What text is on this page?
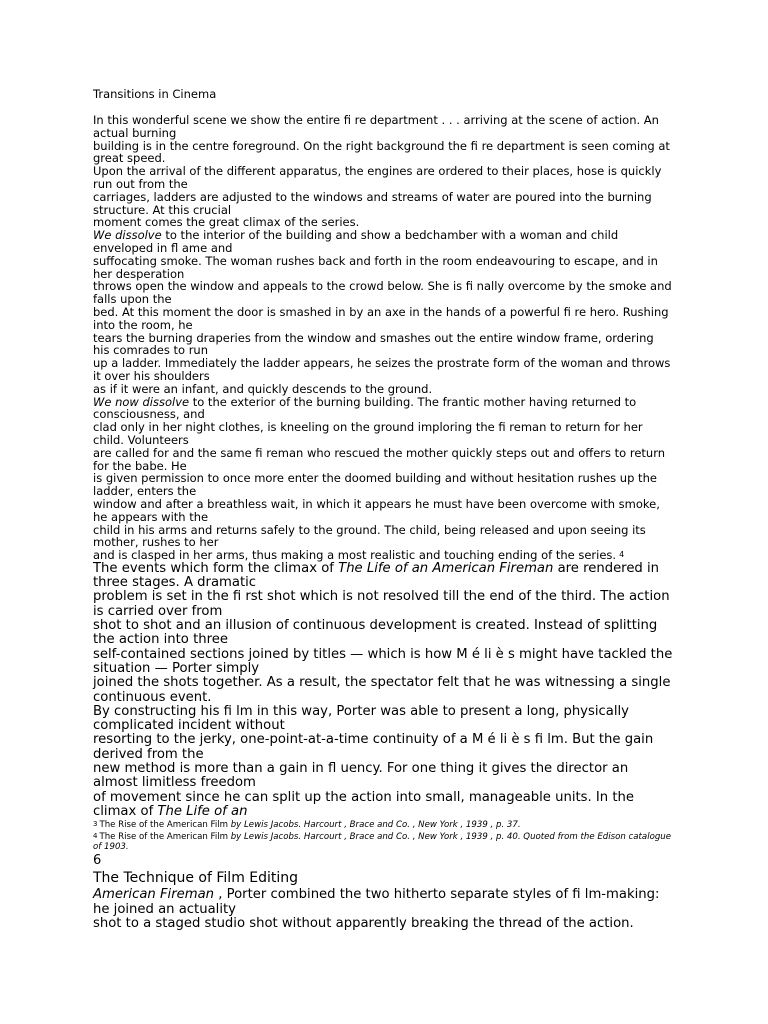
Transitions in Cinema

In this wonderful scene we show the entire fi re department . . . arriving at the scene of action. An actual burning

building is in the centre foreground. On the right background the fi re department is seen coming at great speed.

Upon the arrival of the different apparatus, the engines are ordered to their places, hose is quickly run out from the

carriages, ladders are adjusted to the windows and streams of water are poured into the burning structure. At this crucial

moment comes the great climax of the series.

We dissolve to the interior of the building and show a bedchamber with a woman and child enveloped in fl ame and

suffocating smoke. The woman rushes back and forth in the room endeavouring to escape, and in her desperation

throws open the window and appeals to the crowd below. She is fi nally overcome by the smoke and falls upon the

bed. At this moment the door is smashed in by an axe in the hands of a powerful fi re hero. Rushing into the room, he

tears the burning draperies from the window and smashes out the entire window frame, ordering his comrades to run

up a ladder. Immediately the ladder appears, he seizes the prostrate form of the woman and throws it over his shoulders

as if it were an infant, and quickly descends to the ground.

We now dissolve to the exterior of the burning building. The frantic mother having returned to consciousness, and

clad only in her night clothes, is kneeling on the ground imploring the fi reman to return for her child. Volunteers

are called for and the same fi reman who rescued the mother quickly steps out and offers to return for the babe. He

is given permission to once more enter the doomed building and without hesitation rushes up the ladder, enters the

window and after a breathless wait, in which it appears he must have been overcome with smoke, he appears with the

child in his arms and returns safely to the ground. The child, being released and upon seeing its mother, rushes to her

and is clasped in her arms, thus making a most realistic and touching ending of the series. $^4$

The events which form the climax of The Life of an American Fireman are rendered in three stages. A dramatic

problem is set in the fi rst shot which is not resolved till the end of the third. The action is carried over from

shot to shot and an illusion of continuous development is created. Instead of splitting the action into three

self-contained sections joined by titles — which is how M é li è s might have tackled the situation — Porter simply

joined the shots together. As a result, the spectator felt that he was witnessing a single continuous event.

By constructing his fi lm in this way, Porter was able to present a long, physically complicated incident without

resorting to the jerky, one-point-at-a-time continuity of a M é li è s fi lm. But the gain derived from the

new method is more than a gain in fl uency. For one thing it gives the director an almost limitless freedom

of movement since he can split up the action into small, manageable units. In the climax of The Life of an

3 The Rise of the American Film by Lewis Jacobs. Harcourt , Brace and Co. , New York , 1939 , p. 37.

4 The Rise of the American Film by Lewis Jacobs. Harcourt , Brace and Co. , New York , 1939 , p. 40. Quoted from the Edison catalogue of 1903.

6
The Technique of Film Editing

American Fireman , Porter combined the two hitherto separate styles of fi lm-making: he joined an actuality

shot to a staged studio shot without apparently breaking the thread of the action.
